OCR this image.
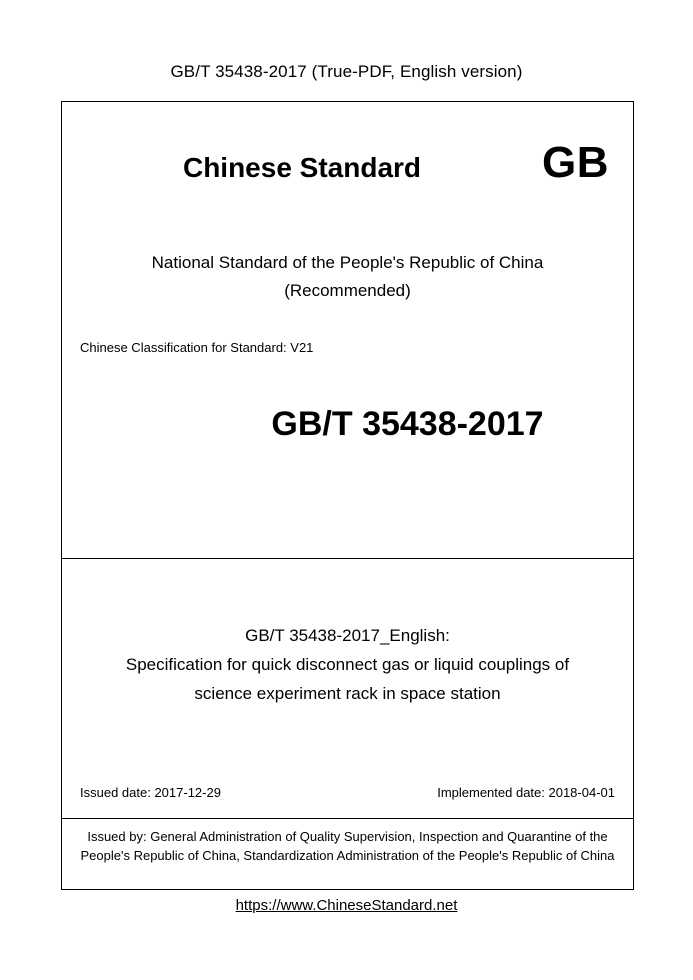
GB/T 35438-2017 (True-PDF, English version)
GB
Chinese Standard
National Standard of the People's Republic of China
(Recommended)
Chinese Classification for Standard: V21
GB/T 35438-2017
GB/T 35438-2017_English:
Specification for quick disconnect gas or liquid couplings of
science experiment rack in space station
Issued date: 2017-12-29	Implemented date: 2018-04-01
Issued by: General Administration of Quality Supervision, Inspection and Quarantine of the People's Republic of China, Standardization Administration of the People's Republic of China
https://www.ChineseStandard.net
